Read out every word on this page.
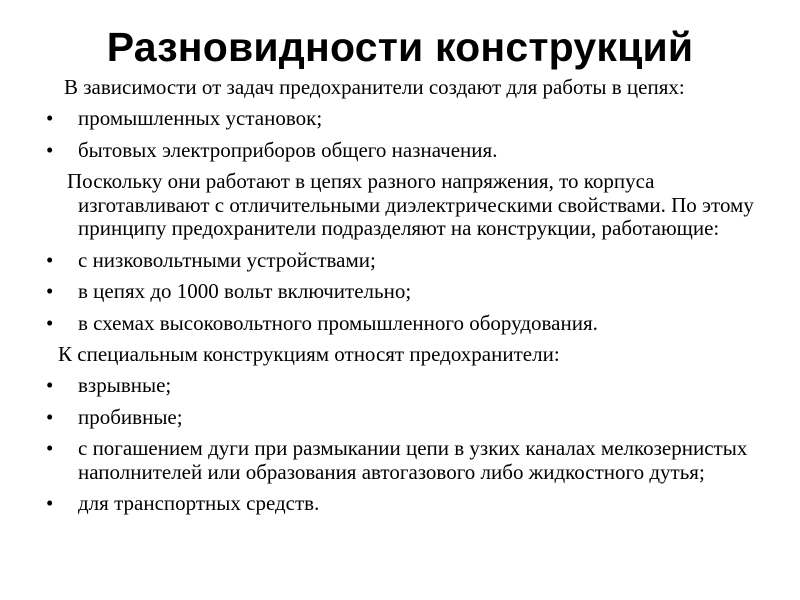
Разновидности конструкций

В зависимости от задач предохранители создают для работы в цепях:

• промышленных установок;
• бытовых электроприборов общего назначения.

Поскольку они работают в цепях разного напряжения, то корпуса изготавливают с отличительными диэлектрическими свойствами. По этому принципу предохранители подразделяют на конструкции, работающие:

• с низковольтными устройствами;
• в цепях до 1000 вольт включительно;
• в схемах высоковольтного промышленного оборудования.

К специальным конструкциям относят предохранители:

• взрывные;
• пробивные;
• с погашением дуги при размыкании цепи в узких каналах мелкозернистых наполнителей или образования автогазового либо жидкостного дутья;
• для транспортных средств.
